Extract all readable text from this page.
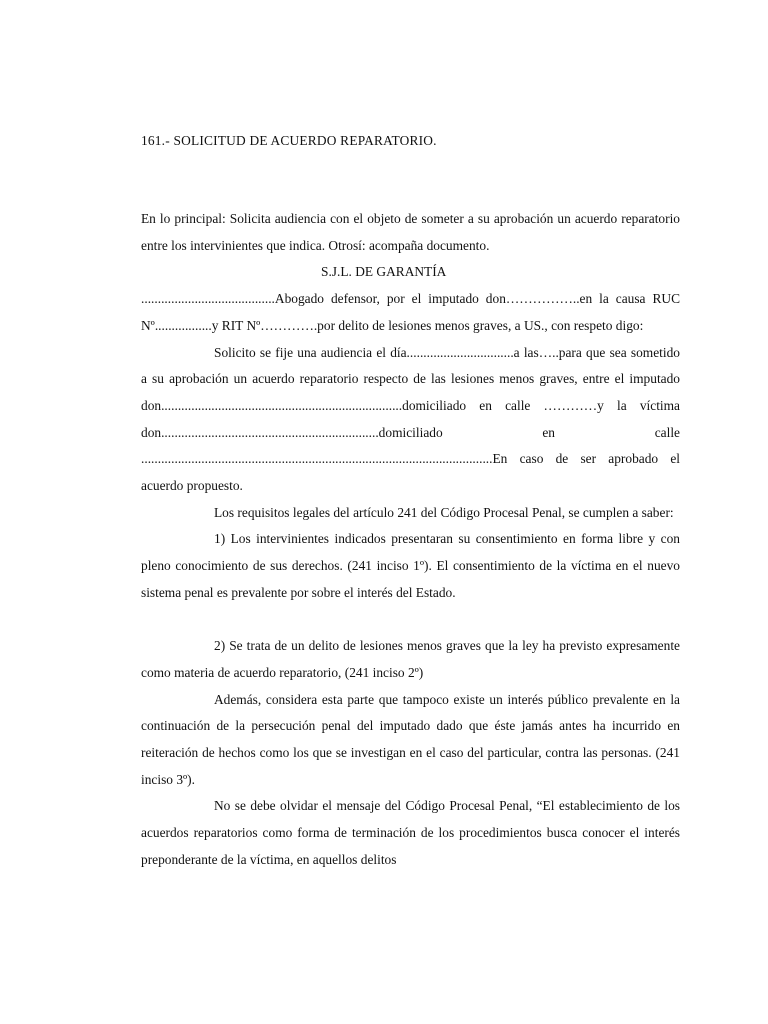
161.- SOLICITUD DE ACUERDO REPARATORIO.

En lo principal: Solicita audiencia con el objeto de someter a su aprobación un acuerdo reparatorio entre los intervinientes que indica. Otrosí: acompaña documento.

S.J.L. DE GARANTÍA

........................................Abogado defensor, por el imputado don……………..en la causa RUC Nº.................y RIT Nº………….por delito de lesiones menos graves, a US., con respeto digo:

Solicito se fije una audiencia el día................................a las…..para que sea sometido a su aprobación un acuerdo reparatorio respecto de las lesiones menos graves, entre el imputado don........................................................................domiciliado en calle …………y la víctima don.................................................................domiciliado en calle .........................................................................................................En caso de ser aprobado el acuerdo propuesto.

Los requisitos legales del artículo 241 del Código Procesal Penal, se cumplen a saber:

1) Los intervinientes indicados presentaran su consentimiento en forma libre y con pleno conocimiento de sus derechos. (241 inciso 1º). El consentimiento de la víctima en el nuevo sistema penal es prevalente por sobre el interés del Estado.

2) Se trata de un delito de lesiones menos graves que la ley ha previsto expresamente como materia de acuerdo reparatorio, (241 inciso 2º)

Además, considera esta parte que tampoco existe un interés público prevalente en la continuación de la persecución penal del imputado dado que éste jamás antes ha incurrido en reiteración de hechos como los que se investigan en el caso del particular, contra las personas. (241 inciso 3º).

No se debe olvidar el mensaje del Código Procesal Penal, “El establecimiento de los acuerdos reparatorios como forma de terminación de los procedimientos busca conocer el interés preponderante de la víctima, en aquellos delitos
